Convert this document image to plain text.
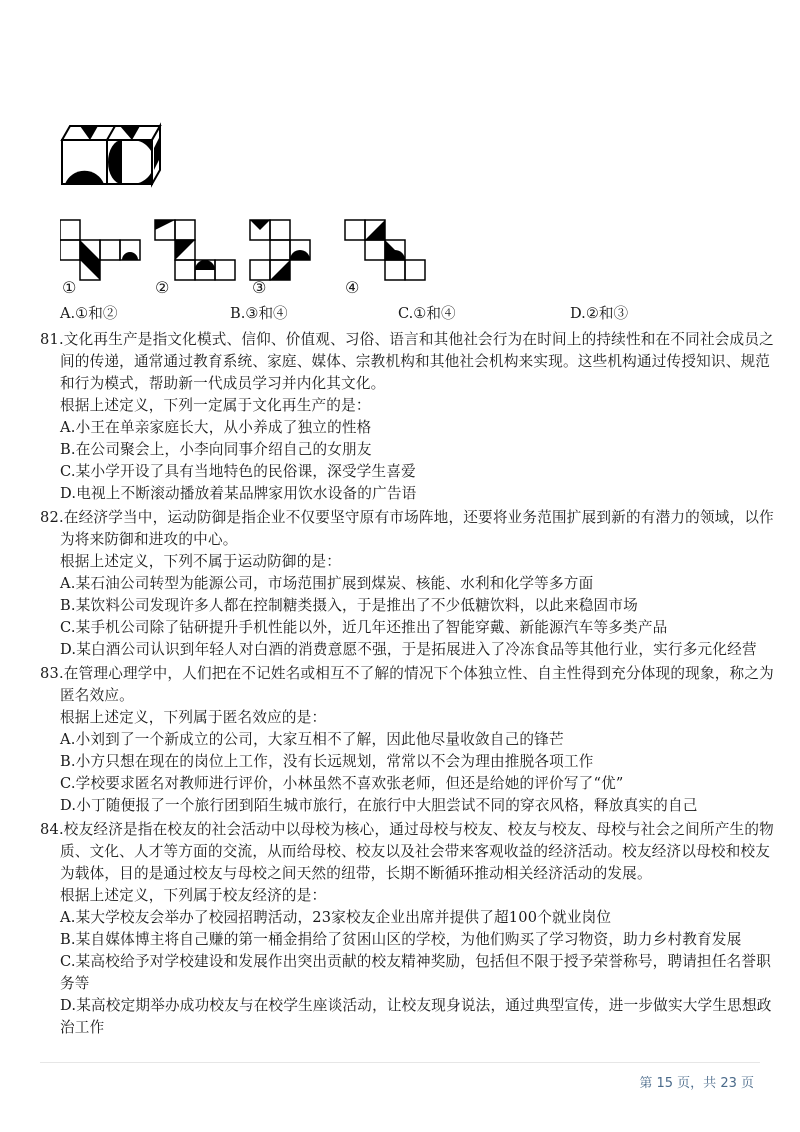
①	②	③	④
A.①和②	B.③和④	C.①和④	D.②和③
81.文化再生产是指文化模式、信仰、价值观、习俗、语言和其他社会行为在时间上的持续性和在不同社会成员之
间的传递，通常通过教育系统、家庭、媒体、宗教机构和其他社会机构来实现。这些机构通过传授知识、规范
和行为模式，帮助新一代成员学习并内化其文化。
根据上述定义，下列一定属于文化再生产的是：
A.小王在单亲家庭长大，从小养成了独立的性格
B.在公司聚会上，小李向同事介绍自己的女朋友
C.某小学开设了具有当地特色的民俗课，深受学生喜爱
D.电视上不断滚动播放着某品牌家用饮水设备的广告语
82.在经济学当中，运动防御是指企业不仅要坚守原有市场阵地，还要将业务范围扩展到新的有潜力的领域，以作
为将来防御和进攻的中心。
根据上述定义，下列不属于运动防御的是：
A.某石油公司转型为能源公司，市场范围扩展到煤炭、核能、水利和化学等多方面
B.某饮料公司发现许多人都在控制糖类摄入，于是推出了不少低糖饮料，以此来稳固市场
C.某手机公司除了钻研提升手机性能以外，近几年还推出了智能穿戴、新能源汽车等多类产品
D.某白酒公司认识到年轻人对白酒的消费意愿不强，于是拓展进入了冷冻食品等其他行业，实行多元化经营
83.在管理心理学中，人们把在不记姓名或相互不了解的情况下个体独立性、自主性得到充分体现的现象，称之为
匿名效应。
根据上述定义，下列属于匿名效应的是：
A.小刘到了一个新成立的公司，大家互相不了解，因此他尽量收敛自己的锋芒
B.小方只想在现在的岗位上工作，没有长远规划，常常以不会为理由推脱各项工作
C.学校要求匿名对教师进行评价，小林虽然不喜欢张老师，但还是给她的评价写了“优”
D.小丁随便报了一个旅行团到陌生城市旅行，在旅行中大胆尝试不同的穿衣风格，释放真实的自己
84.校友经济是指在校友的社会活动中以母校为核心，通过母校与校友、校友与校友、母校与社会之间所产生的物
质、文化、人才等方面的交流，从而给母校、校友以及社会带来客观收益的经济活动。校友经济以母校和校友
为载体，目的是通过校友与母校之间天然的纽带，长期不断循环推动相关经济活动的发展。
根据上述定义，下列属于校友经济的是：
A.某大学校友会举办了校园招聘活动，23家校友企业出席并提供了超100个就业岗位
B.某自媒体博主将自己赚的第一桶金捐给了贫困山区的学校，为他们购买了学习物资，助力乡村教育发展
C.某高校给予对学校建设和发展作出突出贡献的校友精神奖励，包括但不限于授予荣誉称号，聘请担任名誉职
务等
D.某高校定期举办成功校友与在校学生座谈活动，让校友现身说法，通过典型宣传，进一步做实大学生思想政
治工作
第 15 页，共 23 页
